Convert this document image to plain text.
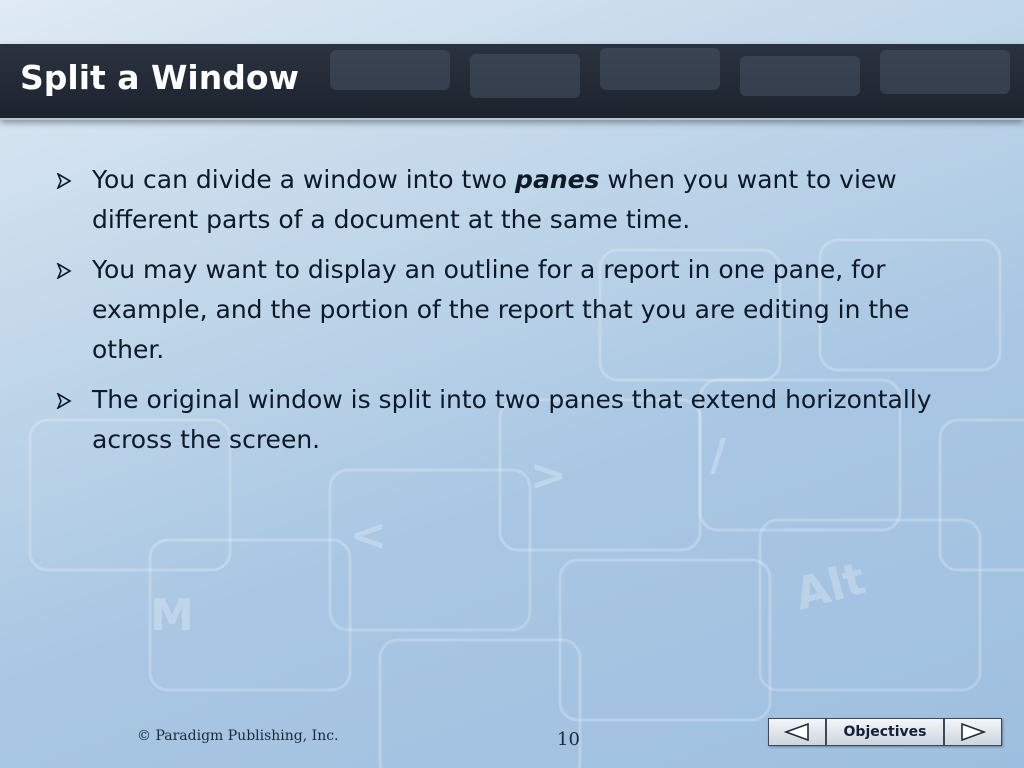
Alt
<
>	/
M
Split a Window
You can divide a window into two panes when you want to view different parts of a document at the same time.
You may want to display an outline for a report in one pane, for example, and the portion of the report that you are editing in the other.
The original window is split into two panes that extend horizontally across the screen.
© Paradigm Publishing, Inc.	10	Objectives
